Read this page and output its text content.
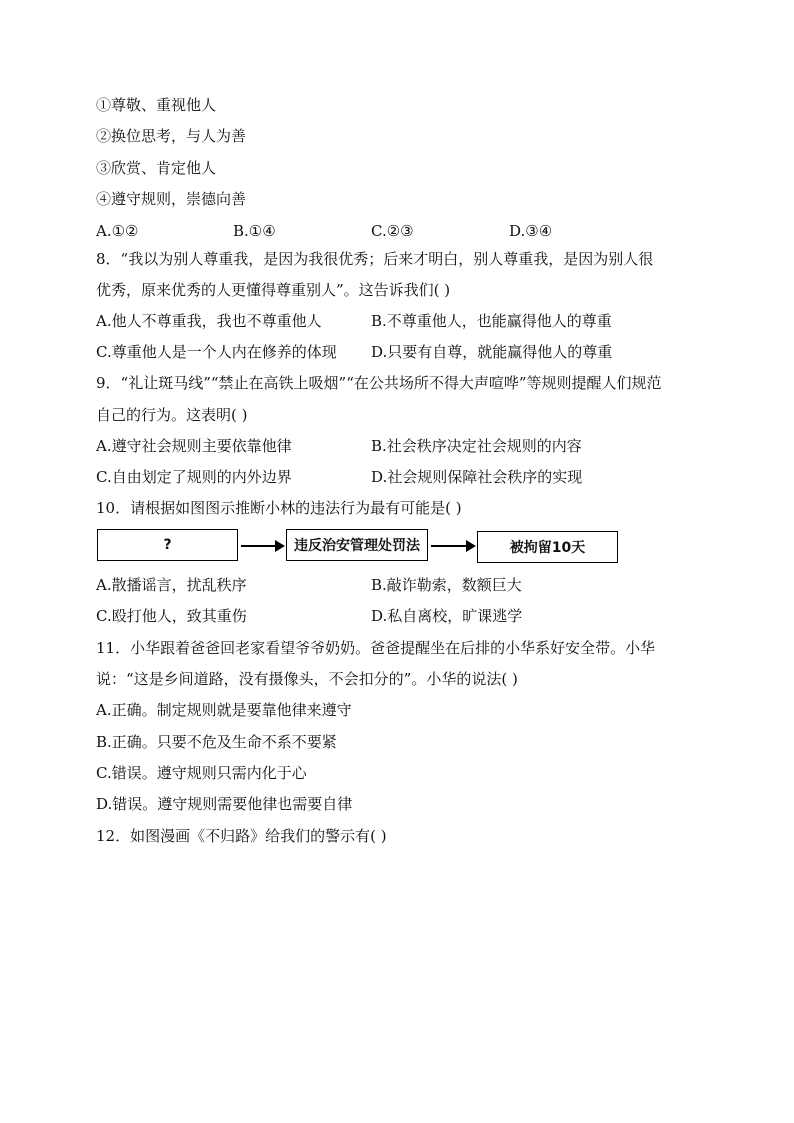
①尊敬、重视他人
②换位思考，与人为善
③欣赏、肯定他人
④遵守规则，崇德向善
A.①②	B.①④	C.②③	D.③④
8．“我以为别人尊重我，是因为我很优秀；后来才明白，别人尊重我，是因为别人很
优秀，原来优秀的人更懂得尊重别人”。这告诉我们( )
A.他人不尊重我，我也不尊重他人	B.不尊重他人，也能赢得他人的尊重
C.尊重他人是一个人内在修养的体现 D.只要有自尊，就能赢得他人的尊重
9．“礼让斑马线”“禁止在高铁上吸烟”“在公共场所不得大声喧哗”等规则提醒人们规范
自己的行为。这表明( )
A.遵守社会规则主要依靠他律	B.社会秩序决定社会规则的内容
C.自由划定了规则的内外边界	D.社会规则保障社会秩序的实现
10．请根据如图图示推断小林的违法行为最有可能是( )
?	违反治安管理处罚法	被拘留10天
A.散播谣言，扰乱秩序	B.敲诈勒索，数额巨大
C.殴打他人，致其重伤	D.私自离校，旷课逃学
11．小华跟着爸爸回老家看望爷爷奶奶。爸爸提醒坐在后排的小华系好安全带。小华
说：“这是乡间道路，没有摄像头，不会扣分的”。小华的说法( )
A.正确。制定规则就是要靠他律来遵守
B.正确。只要不危及生命不系不要紧
C.错误。遵守规则只需内化于心
D.错误。遵守规则需要他律也需要自律
12．如图漫画《不归路》给我们的警示有( )
